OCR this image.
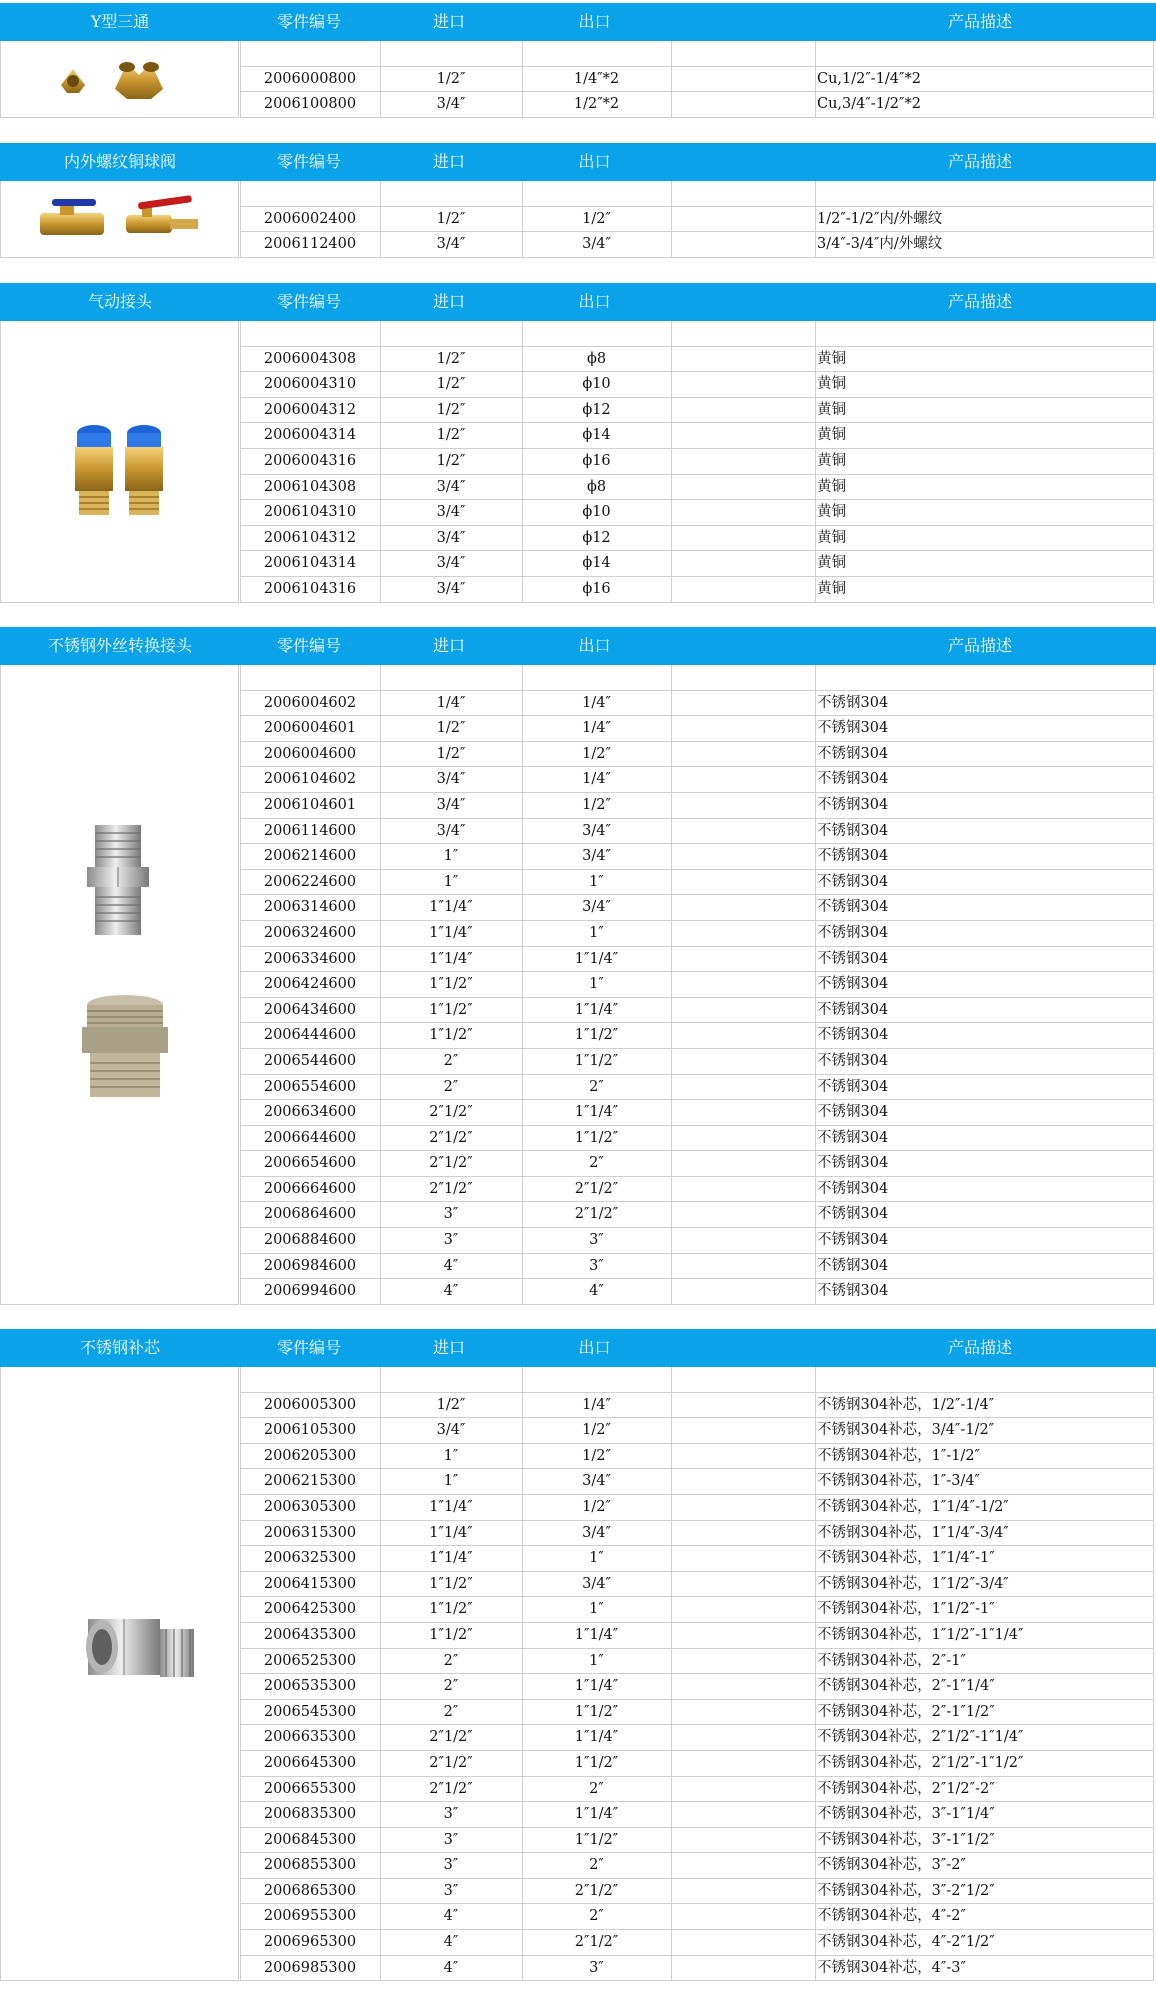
Y型三通	零件编号	进口	出口	产品描述
2006000800	1/2″	1/4″*2	Cu,1/2″-1/4″*2
2006100800	3/4″	1/2″*2	Cu,3/4″-1/2″*2
内外螺纹铜球阀	零件编号	进口	出口	产品描述
2006002400	1/2″	1/2″	1/2″-1/2″内/外螺纹
2006112400	3/4″	3/4″	3/4″-3/4″内/外螺纹
气动接头	零件编号	进口	出口	产品描述
2006004308	1/2″	ϕ8	黄铜
2006004310	1/2″	ϕ10	黄铜
2006004312	1/2″	ϕ12	黄铜
2006004314	1/2″	ϕ14	黄铜
2006004316	1/2″	ϕ16	黄铜
2006104308	3/4″	ϕ8	黄铜
2006104310	3/4″	ϕ10	黄铜
2006104312	3/4″	ϕ12	黄铜
2006104314	3/4″	ϕ14	黄铜
2006104316	3/4″	ϕ16	黄铜
不锈钢外丝转换接头	零件编号	进口	出口	产品描述
2006004602	1/4″	1/4″	不锈钢304
2006004601	1/2″	1/4″	不锈钢304
2006004600	1/2″	1/2″	不锈钢304
2006104602	3/4″	1/4″	不锈钢304
2006104601	3/4″	1/2″	不锈钢304
2006114600	3/4″	3/4″	不锈钢304
2006214600	1″	3/4″	不锈钢304
2006224600	1″	1″	不锈钢304
2006314600	1″1/4″	3/4″	不锈钢304
2006324600	1″1/4″	1″	不锈钢304
2006334600	1″1/4″	1″1/4″	不锈钢304
2006424600	1″1/2″	1″	不锈钢304
2006434600	1″1/2″	1″1/4″	不锈钢304
2006444600	1″1/2″	1″1/2″	不锈钢304
2006544600	2″	1″1/2″	不锈钢304
2006554600	2″	2″	不锈钢304
2006634600	2″1/2″	1″1/4″	不锈钢304
2006644600	2″1/2″	1″1/2″	不锈钢304
2006654600	2″1/2″	2″	不锈钢304
2006664600	2″1/2″	2″1/2″	不锈钢304
2006864600	3″	2″1/2″	不锈钢304
2006884600	3″	3″	不锈钢304
2006984600	4″	3″	不锈钢304
2006994600	4″	4″	不锈钢304
不锈钢补芯	零件编号	进口	出口	产品描述
2006005300	1/2″	1/4″	不锈钢304补芯，1/2″-1/4″
2006105300	3/4″	1/2″	不锈钢304补芯，3/4″-1/2″
2006205300	1″	1/2″	不锈钢304补芯，1″-1/2″
2006215300	1″	3/4″	不锈钢304补芯，1″-3/4″
2006305300	1″1/4″	1/2″	不锈钢304补芯，1″1/4″-1/2″
2006315300	1″1/4″	3/4″	不锈钢304补芯，1″1/4″-3/4″
2006325300	1″1/4″	1″	不锈钢304补芯，1″1/4″-1″
2006415300	1″1/2″	3/4″	不锈钢304补芯，1″1/2″-3/4″
2006425300	1″1/2″	1″	不锈钢304补芯，1″1/2″-1″
2006435300	1″1/2″	1″1/4″	不锈钢304补芯，1″1/2″-1″1/4″
2006525300	2″	1″	不锈钢304补芯，2″-1″
2006535300	2″	1″1/4″	不锈钢304补芯，2″-1″1/4″
2006545300	2″	1″1/2″	不锈钢304补芯，2″-1″1/2″
2006635300	2″1/2″	1″1/4″	不锈钢304补芯，2″1/2″-1″1/4″
2006645300	2″1/2″	1″1/2″	不锈钢304补芯，2″1/2″-1″1/2″
2006655300	2″1/2″	2″	不锈钢304补芯，2″1/2″-2″
2006835300	3″	1″1/4″	不锈钢304补芯，3″-1″1/4″
2006845300	3″	1″1/2″	不锈钢304补芯，3″-1″1/2″
2006855300	3″	2″	不锈钢304补芯，3″-2″
2006865300	3″	2″1/2″	不锈钢304补芯，3″-2″1/2″
2006955300	4″	2″	不锈钢304补芯，4″-2″
2006965300	4″	2″1/2″	不锈钢304补芯，4″-2″1/2″
2006985300	4″	3″	不锈钢304补芯，4″-3″
